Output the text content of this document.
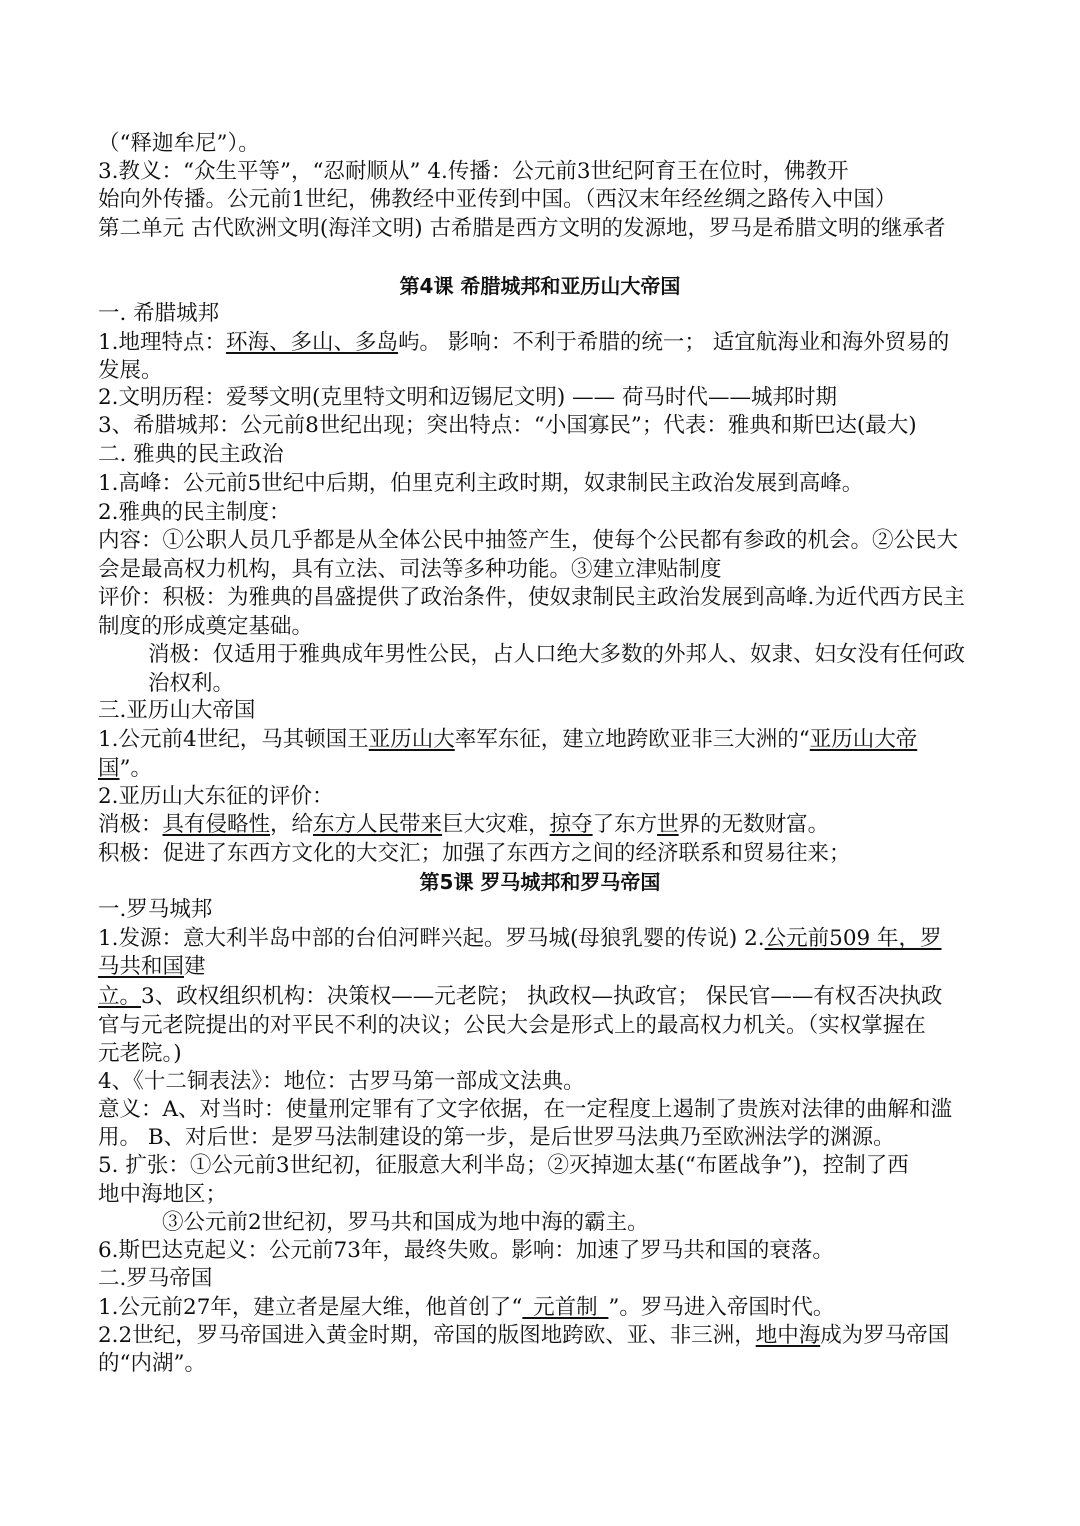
（“释迦牟尼”）。
3.教义：“众生平等”，“忍耐顺从” 4.传播：公元前3世纪阿育王在位时，佛教开
始向外传播。公元前1世纪，佛教经中亚传到中国。（西汉末年经丝绸之路传入中国）
第二单元 古代欧洲文明(海洋文明) 古希腊是西方文明的发源地，罗马是希腊文明的继承者
第4课 希腊城邦和亚历山大帝国
一. 希腊城邦
1.地理特点：环海、多山、多岛屿。 影响：不利于希腊的统一； 适宜航海业和海外贸易的
发展。
2.文明历程：爱琴文明(克里特文明和迈锡尼文明) —— 荷马时代——城邦时期
3、希腊城邦：公元前8世纪出现；突出特点：“小国寡民”；代表：雅典和斯巴达(最大)
二. 雅典的民主政治
1.高峰：公元前5世纪中后期，伯里克利主政时期，奴隶制民主政治发展到高峰。
2.雅典的民主制度：
内容：①公职人员几乎都是从全体公民中抽签产生，使每个公民都有参政的机会。②公民大
会是最高权力机构，具有立法、司法等多种功能。③建立津贴制度
评价：积极：为雅典的昌盛提供了政治条件，使奴隶制民主政治发展到高峰.为近代西方民主
制度的形成奠定基础。
消极：仅适用于雅典成年男性公民，占人口绝大多数的外邦人、奴隶、妇女没有任何政
治权利。
三.亚历山大帝国
1.公元前4世纪，马其顿国王亚历山大率军东征，建立地跨欧亚非三大洲的“亚历山大帝
国”。
2.亚历山大东征的评价：
消极：具有侵略性，给东方人民带来巨大灾难，掠夺了东方世界的无数财富。
积极：促进了东西方文化的大交汇；加强了东西方之间的经济联系和贸易往来；
第5课 罗马城邦和罗马帝国
一.罗马城邦
1.发源：意大利半岛中部的台伯河畔兴起。罗马城(母狼乳婴的传说) 2.公元前509 年，罗
马共和国建
立。3、政权组织机构：决策权——元老院； 执政权—执政官； 保民官——有权否决执政
官与元老院提出的对平民不利的决议；公民大会是形式上的最高权力机关。（实权掌握在
元老院。)
4、《十二铜表法》：地位：古罗马第一部成文法典。
意义：A、对当时：使量刑定罪有了文字依据，在一定程度上遏制了贵族对法律的曲解和滥
用。 B、对后世：是罗马法制建设的第一步，是后世罗马法典乃至欧洲法学的渊源。
5. 扩张：①公元前3世纪初，征服意大利半岛；②灭掉迦太基(“布匿战争”)，控制了西
地中海地区；
③公元前2世纪初，罗马共和国成为地中海的霸主。
6.斯巴达克起义：公元前73年，最终失败。影响：加速了罗马共和国的衰落。
二.罗马帝国
1.公元前27年，建立者是屋大维，他首创了“_元首制_”。罗马进入帝国时代。
2.2世纪，罗马帝国进入黄金时期，帝国的版图地跨欧、亚、非三洲，地中海成为罗马帝国
的“内湖”。
